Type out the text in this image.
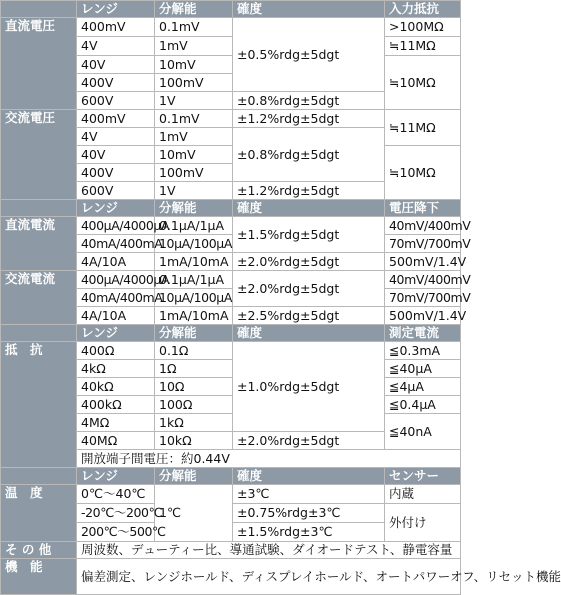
	レンジ	分解能	確度	入力抵抗
直流電圧	400mV	0.1mV	±0.5%rdg±5dgt	>100MΩ
	4V	1mV		≒11MΩ
	40V	10mV		≒10MΩ
	400V	100mV		
	600V	1V	±0.8%rdg±5dgt	
交流電圧	400mV	0.1mV	±1.2%rdg±5dgt	≒11MΩ
	4V	1mV	±0.8%rdg±5dgt	
	40V	10mV		≒10MΩ
	400V	100mV		
	600V	1V	±1.2%rdg±5dgt	
	レンジ	分解能	確度	電圧降下
直流電流	400μA/4000μA	0.1μA/1μA	±1.5%rdg±5dgt	40mV/400mV
	40mA/400mA	10μA/100μA		70mV/700mV
	4A/10A	1mA/10mA	±2.0%rdg±5dgt	500mV/1.4V
交流電流	400μA/4000μA	0.1μA/1μA	±2.0%rdg±5dgt	40mV/400mV
	40mA/400mA	10μA/100μA		70mV/700mV
	4A/10A	1mA/10mA	±2.5%rdg±5dgt	500mV/1.4V
	レンジ	分解能	確度	測定電流
抵　抗	400Ω	0.1Ω	±1.0%rdg±5dgt	≦0.3mA
	4kΩ	1Ω		≦40μA
	40kΩ	10Ω		≦4μA
	400kΩ	100Ω		≦0.4μA
	4MΩ	1kΩ		≦40nA
	40MΩ	10kΩ	±2.0%rdg±5dgt	
	開放端子間電圧：約0.44V			
	レンジ	分解能	確度	センサー
温　度	0℃〜40℃	1℃	±3℃	内蔵
	-20℃〜200℃		±0.75%rdg±3℃	外付け
	200℃〜500℃		±1.5%rdg±3℃	
そ の 他	周波数、デューティー比、導通試験、ダイオードテスト、静電容量			
機　能	偏差測定、レンジホールド、ディスプレイホールド、オートパワーオフ、リセット機能			
